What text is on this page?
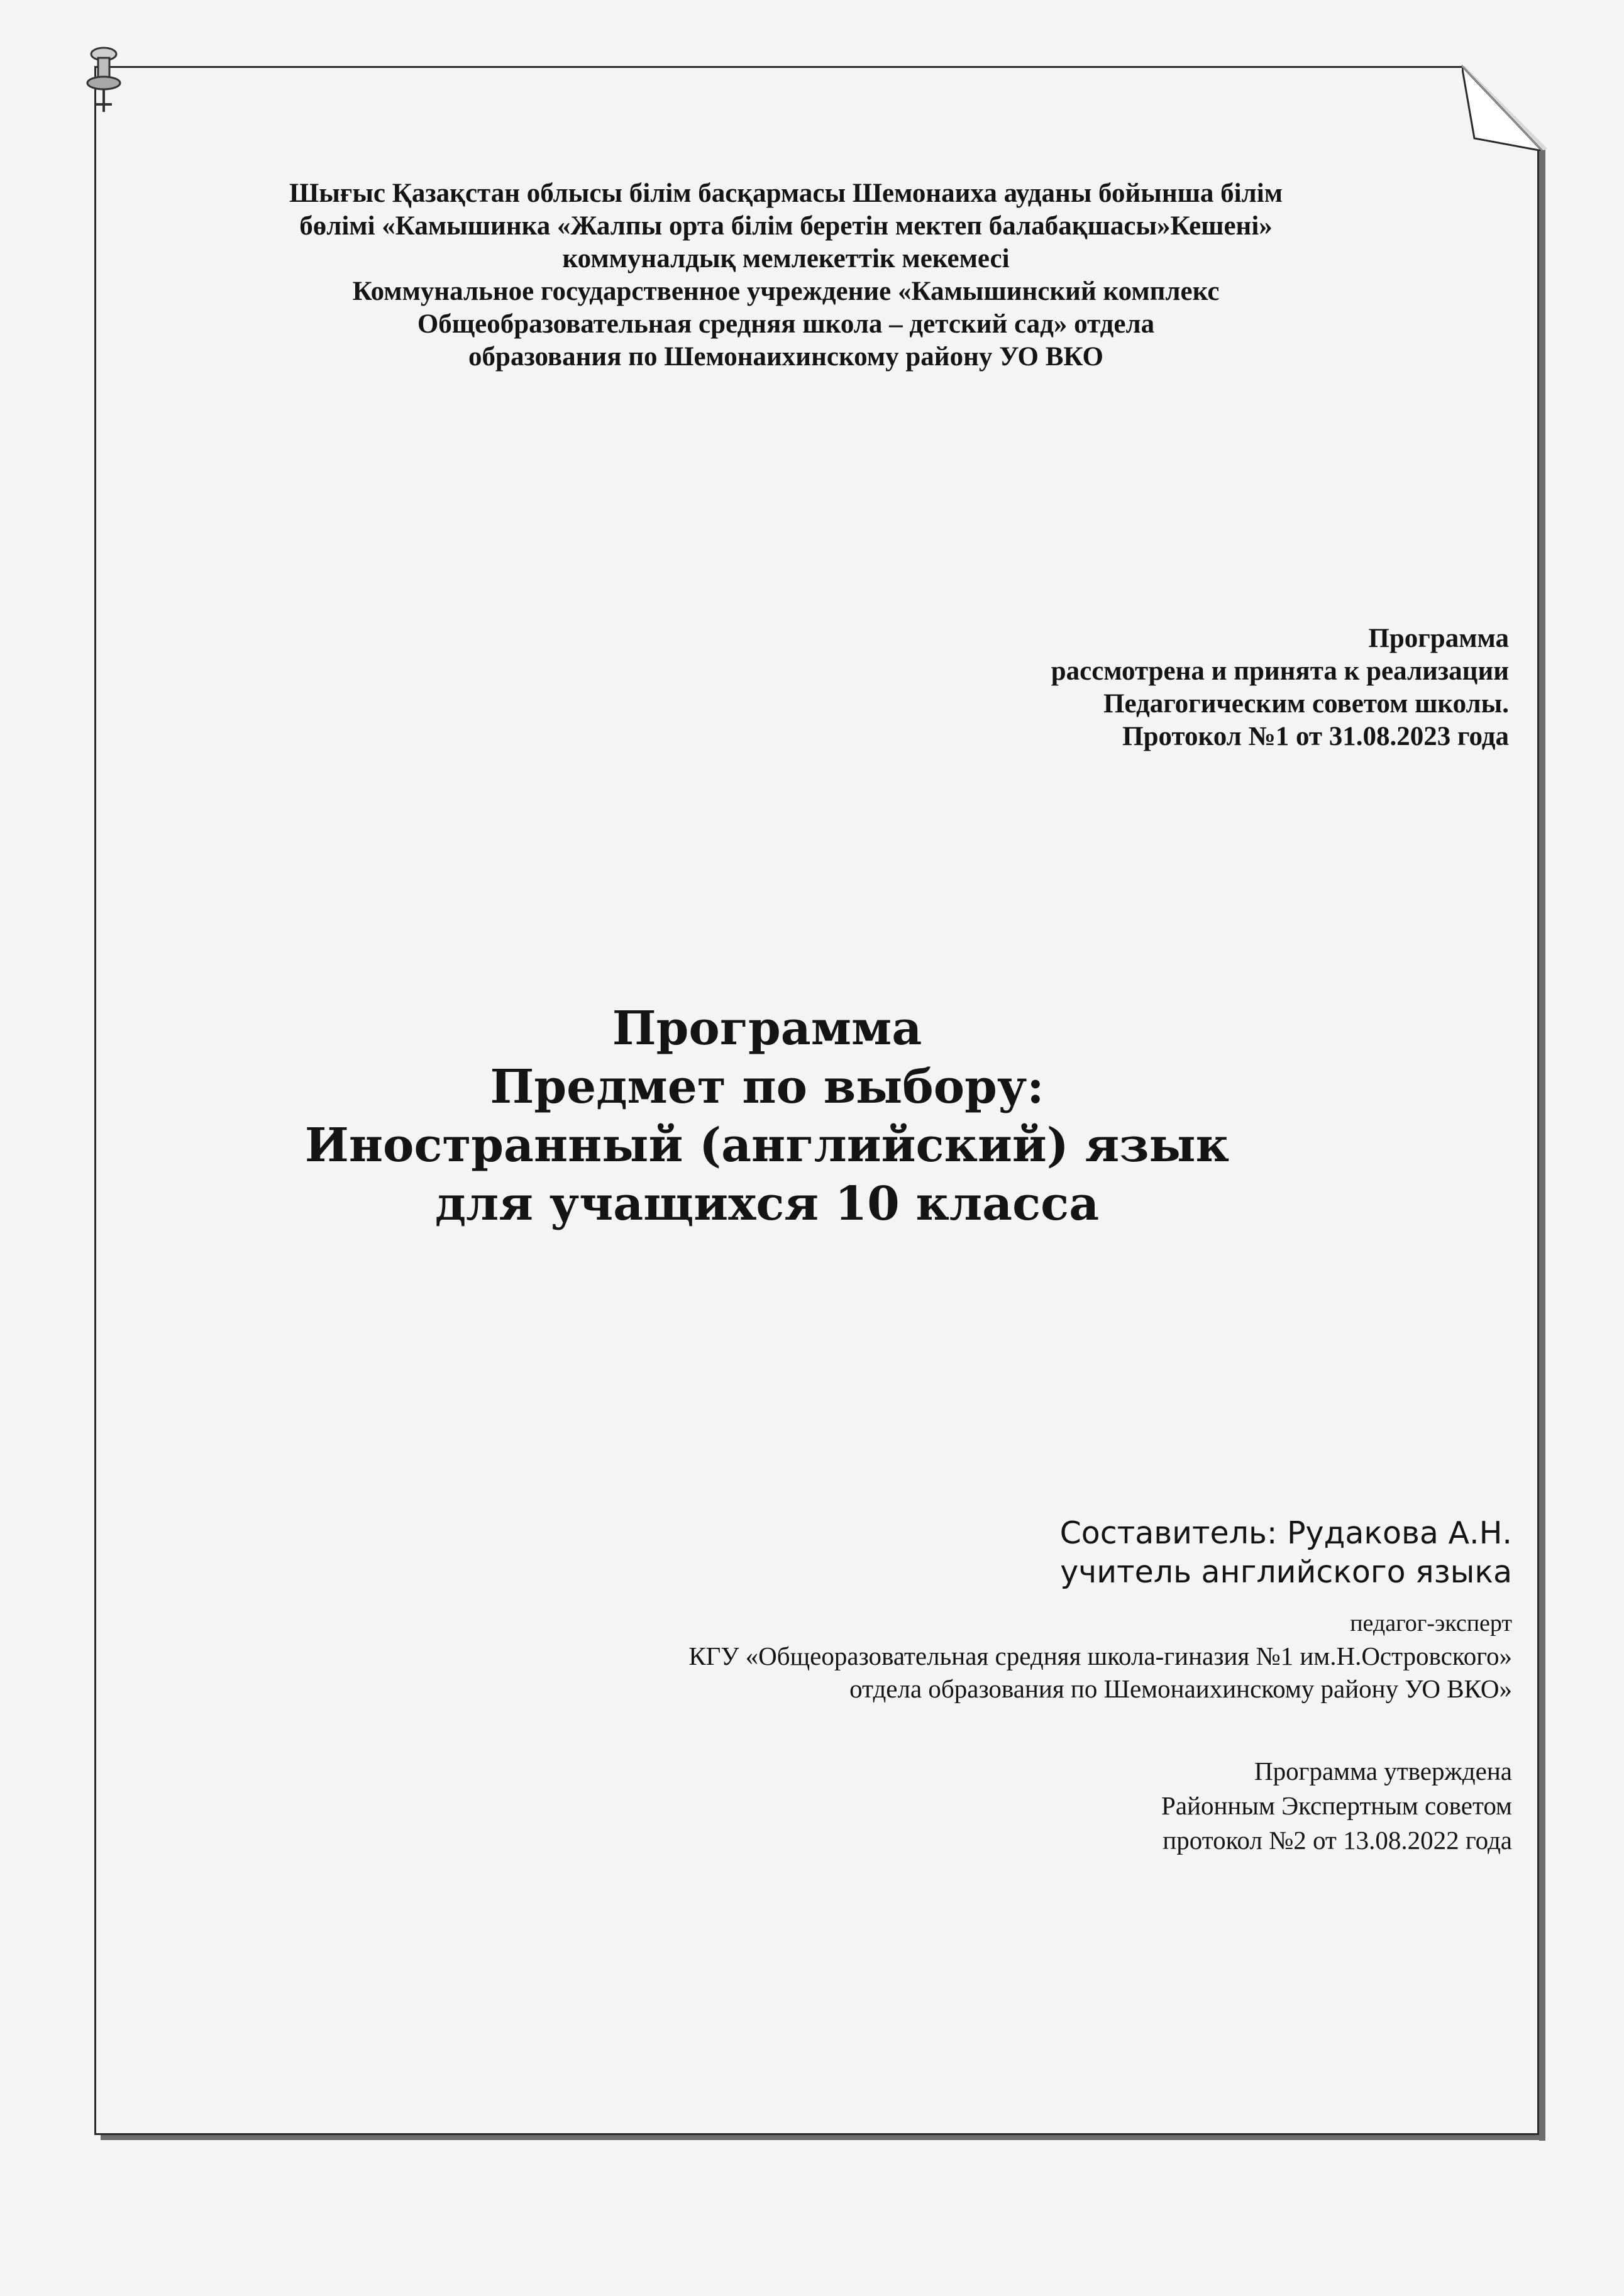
Шығыс Қазақстан облысы білім басқармасы Шемонаиха ауданы бойынша білім
бөлімі «Камышинка «Жалпы орта білім беретін мектеп балабақшасы»Кешені»
коммуналдық мемлекеттік мекемесі
Коммунальное государственное учреждение «Камышинский комплекс
Общеобразовательная средняя школа – детский сад» отдела
образования по Шемонаихинскому району УО ВКО
Программа
рассмотрена и принята к реализации
Педагогическим советом школы.
Протокол №1 от 31.08.2023 года
Программа
Предмет по выбору:
Иностранный (английский) язык
для учащихся 10 класса
Составитель: Рудакова А.Н.
учитель английского языка
педагог-эксперт
КГУ «Общеоразовательная средняя школа-гиназия №1 им.Н.Островского»
отдела образования по Шемонаихинскому району УО ВКО»
Программа утверждена
Районным Экспертным советом
протокол №2 от 13.08.2022 года
